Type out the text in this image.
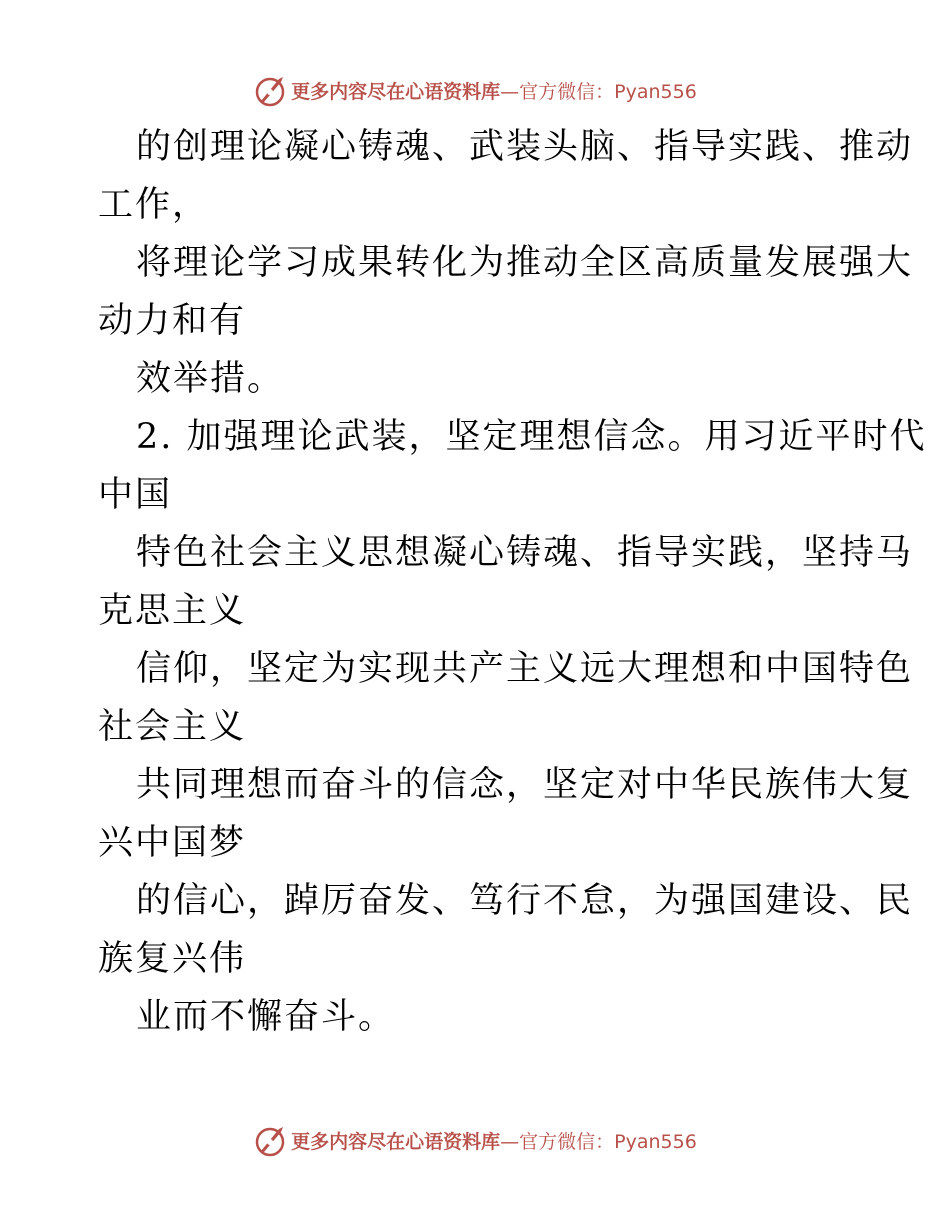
更多内容尽在心语资料库 —官方微信：Pyan556
的创理论凝心铸魂、武装头脑、指导实践、推动
工作，
将理论学习成果转化为推动全区高质量发展强大
动力和有
效举措。
2. 加强理论武装，坚定理想信念。用习近平时代
中国
特色社会主义思想凝心铸魂、指导实践，坚持马
克思主义
信仰，坚定为实现共产主义远大理想和中国特色
社会主义
共同理想而奋斗的信念，坚定对中华民族伟大复
兴中国梦
的信心，踔厉奋发、笃行不怠，为强国建设、民
族复兴伟
业而不懈奋斗。
更多内容尽在心语资料库 —官方微信：Pyan556
